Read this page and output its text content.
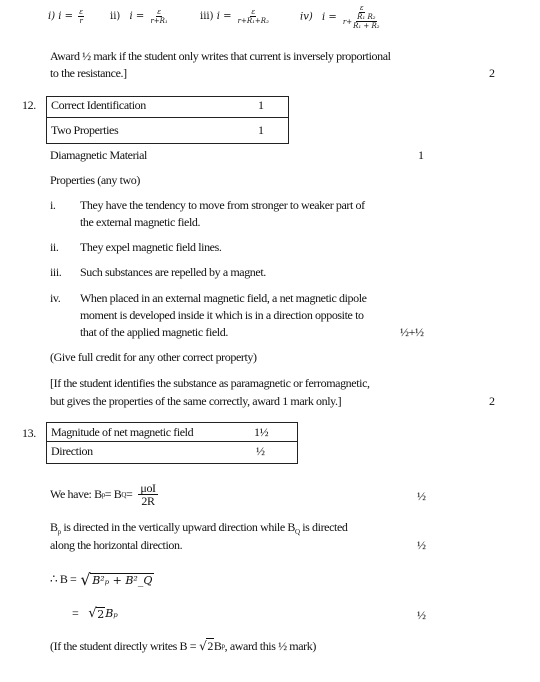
i) $i = \frac{\varepsilon}{r}$	ii) $i = \frac{\varepsilon}{\text{r+R₁}}$	iii) $i = \frac{\varepsilon}{\text{r+R₁+R₂}}$	iv) $i = \frac{\varepsilon}{r+ \frac{\text{R₁ R₂}}{\text{R₁ + R₂}}}$
Award ½ mark if the student only writes that current is inversely proportional
to the resistance.]	2
12. Correct Identification	1
Two Properties	1
Diamagnetic Material	1
Properties (any two)
i. They have the tendency to move from stronger to weaker part of
the external magnetic field.
ii. They expel magnetic field lines.
iii. Such substances are repelled by a magnet.
iv. When placed in an external magnetic field, a net magnetic dipole
moment is developed inside it which is in a direction opposite to
that of the applied magnetic field.	½+½
(Give full credit for any other correct property)
[If the student identifies the substance as paramagnetic or ferromagnetic,
but gives the properties of the same correctly, award 1 mark only.]	2
13. Magnitude of net magnetic field	1½
Direction	½
We have: B p = B $Q = \frac{\text{μoI}}{2R}$	½
$B_p$ is directed in the vertically upward direction while $B_Q$ is directed
along the horizontal direction.	½
∴ B = √ B²ₚ + B²_Q
= √ 2 Bₚ	½
(If the student directly writes B = √ 2 B p , award this ½ mark)
